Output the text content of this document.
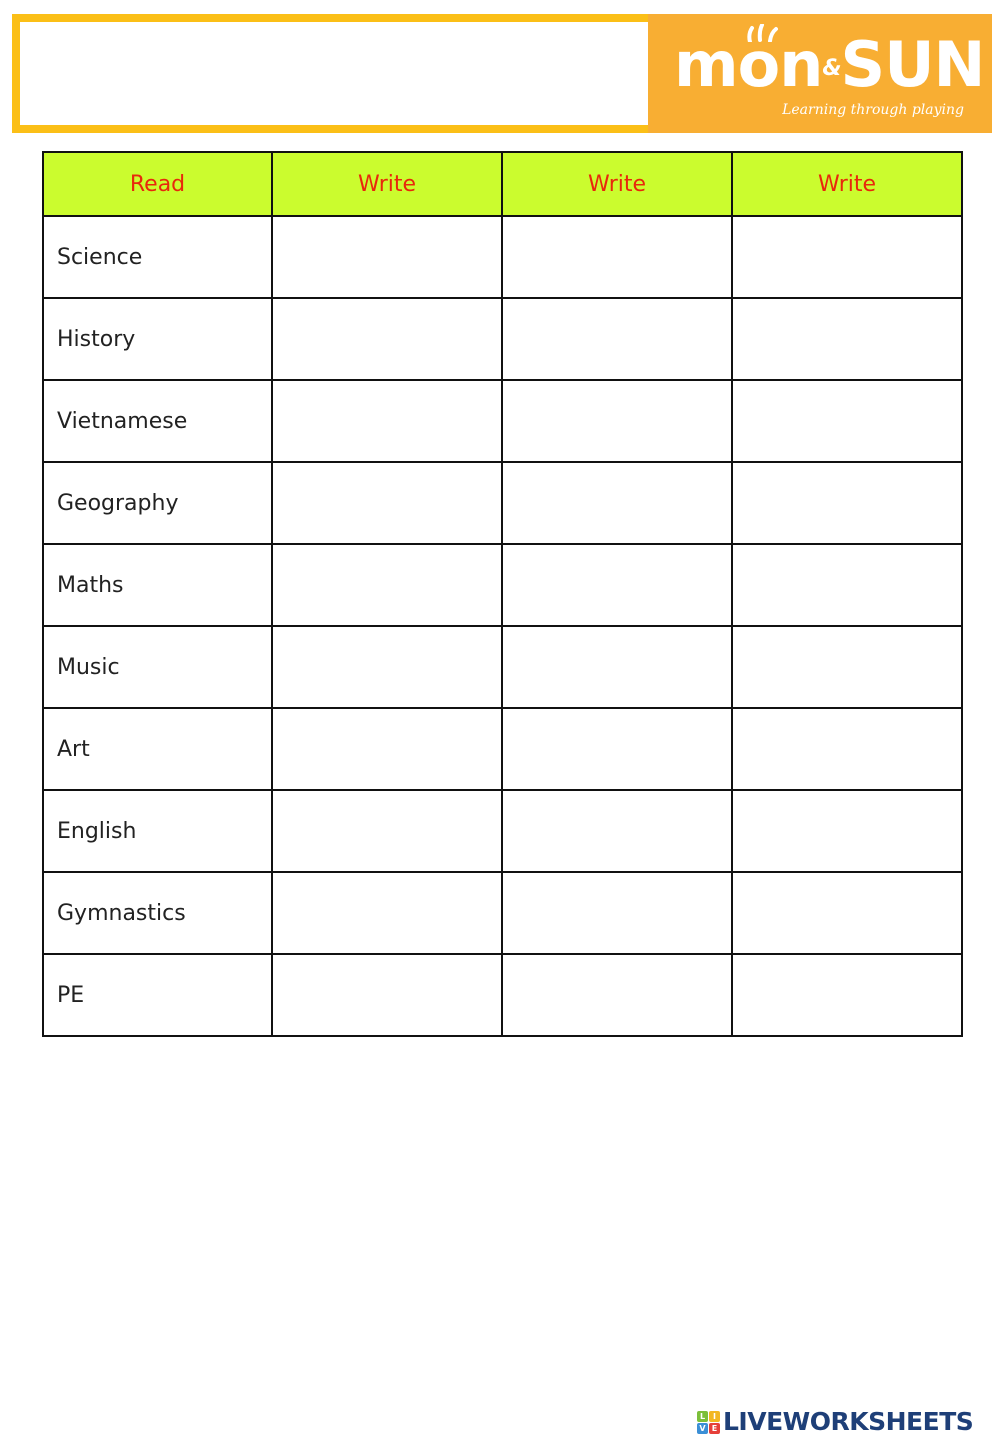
mon&SUN
Learning through playing
Read	Write	Write	Write
Science			
History			
Vietnamese			
Geography			
Maths			
Music			
Art			
English			
Gymnastics			
PE			
L I
V E LIVEWORKSHEETS
